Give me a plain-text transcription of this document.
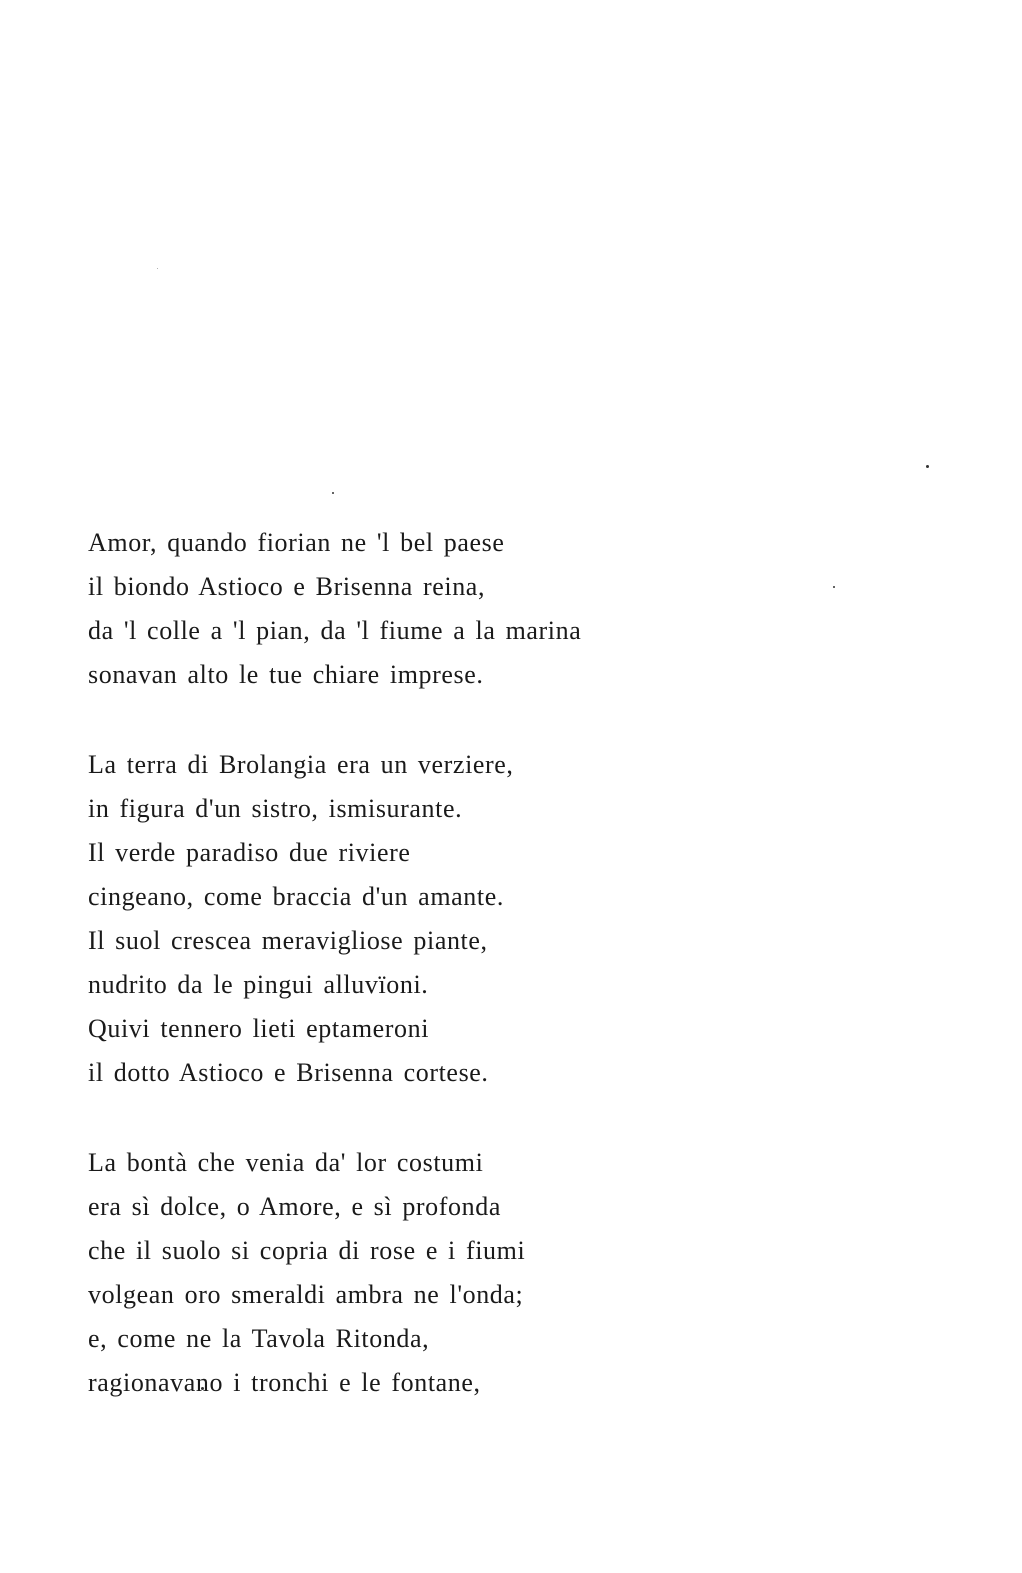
Amor, quando fiorian ne 'l bel paese
il biondo Astioco e Brisenna reina,
da 'l colle a 'l pian, da 'l fiume a la marina
sonavan alto le tue chiare imprese.
La terra di Brolangia era un verziere,
in figura d'un sistro, ismisurante.
Il verde paradiso due riviere
cingeano, come braccia d'un amante.
Il suol crescea meravigliose piante,
nudrito da le pingui alluvïoni.
Quivi tennero lieti eptameroni
il dotto Astioco e Brisenna cortese.
La bontà che venia da' lor costumi
era sì dolce, o Amore, e sì profonda
che il suolo si copria di rose e i fiumi
volgean oro smeraldi ambra ne l'onda;
e, come ne la Tavola Ritonda,
ragionavano i tronchi e le fontane,
